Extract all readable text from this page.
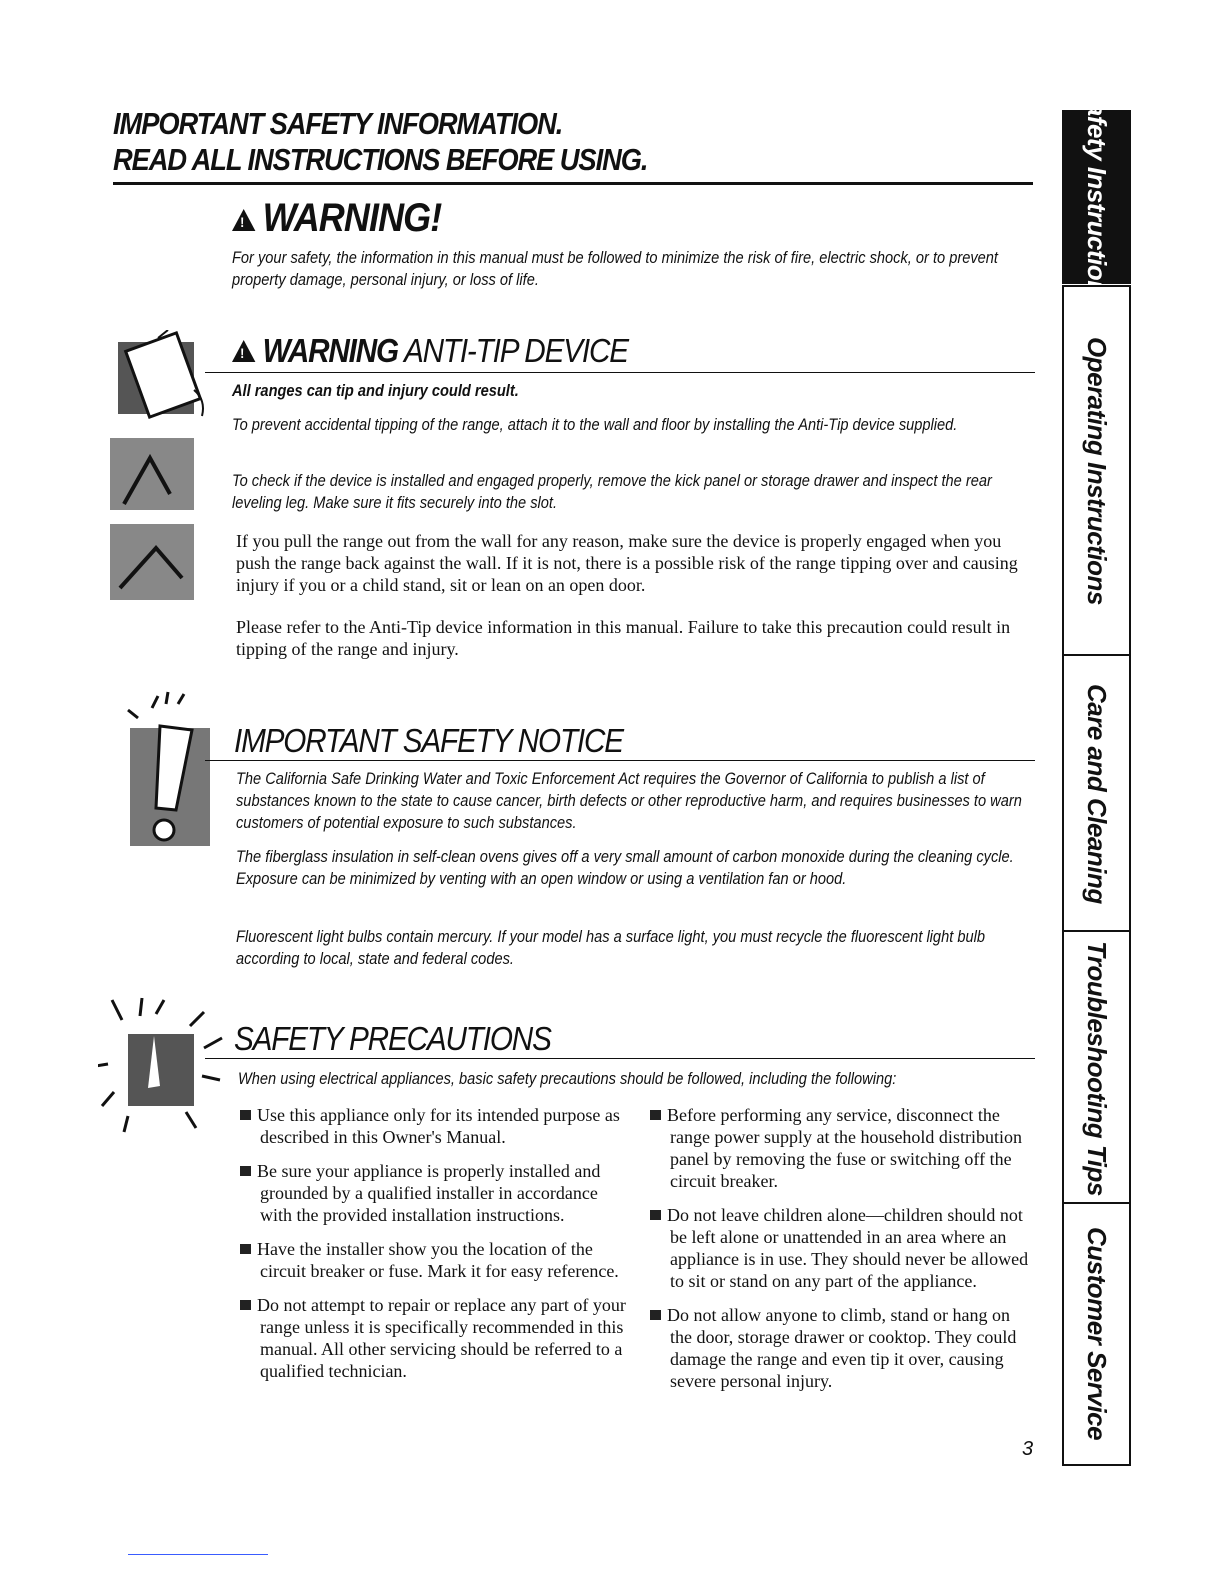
IMPORTANT SAFETY INFORMATION.
READ ALL INSTRUCTIONS BEFORE USING.
!WARNING!
For your safety, the information in this manual must be followed to minimize the risk of fire, electric shock, or to prevent property damage, personal injury, or loss of life.
!WARNING ANTI-TIP DEVICE
All ranges can tip and injury could result.
To prevent accidental tipping of the range, attach it to the wall and floor by installing the Anti-Tip device supplied.
To check if the device is installed and engaged properly, remove the kick panel or storage drawer and inspect the rear leveling leg. Make sure it fits securely into the slot.
If you pull the range out from the wall for any reason, make sure the device is properly engaged when you push the range back against the wall. If it is not, there is a possible risk of the range tipping over and causing injury if you or a child stand, sit or lean on an open door.
Please refer to the Anti-Tip device information in this manual. Failure to take this precaution could result in tipping of the range and injury.
IMPORTANT SAFETY NOTICE
The California Safe Drinking Water and Toxic Enforcement Act requires the Governor of California to publish a list of substances known to the state to cause cancer, birth defects or other reproductive harm, and requires businesses to warn customers of potential exposure to such substances.
The fiberglass insulation in self-clean ovens gives off a very small amount of carbon monoxide during the cleaning cycle. Exposure can be minimized by venting with an open window or using a ventilation fan or hood.
Fluorescent light bulbs contain mercury. If your model has a surface light, you must recycle the fluorescent light bulb according to local, state and federal codes.
SAFETY PRECAUTIONS
When using electrical appliances, basic safety precautions should be followed, including the following:
Use this appliance only for its intended purpose as described in this Owner's Manual.
Be sure your appliance is properly installed and grounded by a qualified installer in accordance with the provided installation instructions.
Have the installer show you the location of the circuit breaker or fuse. Mark it for easy reference.
Do not attempt to repair or replace any part of your range unless it is specifically recommended in this manual. All other servicing should be referred to a qualified technician.
Before performing any service, disconnect the range power supply at the household distribution panel by removing the fuse or switching off the circuit breaker.
Do not leave children alone—children should not be left alone or unattended in an area where an appliance is in use. They should never be allowed to sit or stand on any part of the appliance.
Do not allow anyone to climb, stand or hang on the door, storage drawer or cooktop. They could damage the range and even tip it over, causing severe personal injury.
3
Safety Instructions
Operating Instructions
Care and Cleaning
Troubleshooting Tips
Customer Service
